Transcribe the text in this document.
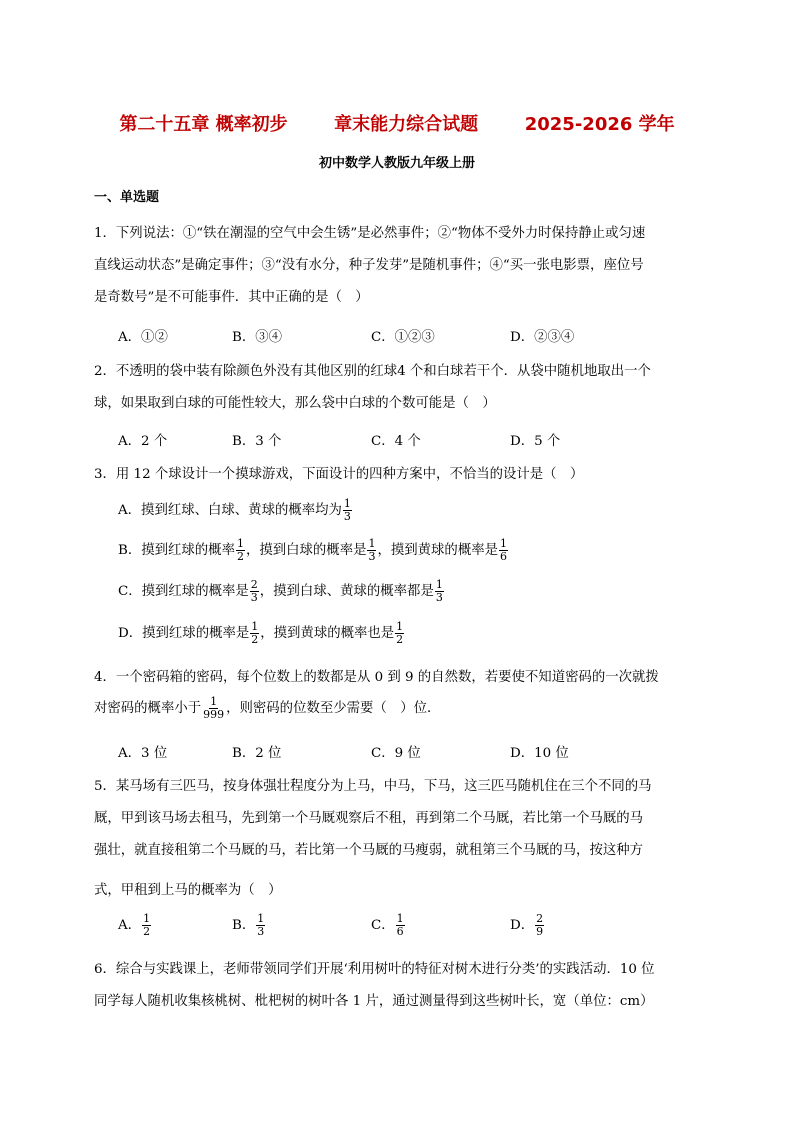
第二十五章 概率初步	章末能力综合试题	2025-2026 学年
初中数学人教版九年级上册
一、单选题
1．下列说法：①“铁在潮湿的空气中会生锈”是必然事件；②“物体不受外力时保持静止或匀速
直线运动状态”是确定事件；③“没有水分，种子发芽”是随机事件；④“买一张电影票，座位号
是奇数号”是不可能事件．其中正确的是（　）
A．①②	B．③④	C．①②③	D．②③④
2．不透明的袋中装有除颜色外没有其他区别的红球4 个和白球若干个．从袋中随机地取出一个
球，如果取到白球的可能性较大，那么袋中白球的个数可能是（　）
A．2 个	B．3 个	C．4 个	D．5 个
3．用 12 个球设计一个摸球游戏，下面设计的四种方案中，不恰当的设计是（　）
A．摸到红球、白球、黄球的概率均为 $\frac{1}{3}$
B．摸到红球的概率 $\frac{1}{2}$ ，摸到白球的概率是 $\frac{1}{3}$ ，摸到黄球的概率是 $\frac{1}{6}$
C．摸到红球的概率是 $\frac{2}{3}$ ，摸到白球、黄球的概率都是 $\frac{1}{3}$
D．摸到红球的概率是 $\frac{1}{2}$ ，摸到黄球的概率也是 $\frac{1}{2}$
4．一个密码箱的密码，每个位数上的数都是从 0 到 9 的自然数，若要使不知道密码的一次就拨
对密码的概率小于 $\frac{1}{999}$ ，则密码的位数至少需要（　）位．
A．3 位	B．2 位	C．9 位	D．10 位
5．某马场有三匹马，按身体强壮程度分为上马，中马，下马，这三匹马随机住在三个不同的马
厩，甲到该马场去租马，先到第一个马厩观察后不租，再到第二个马厩，若比第一个马厩的马
强壮，就直接租第二个马厩的马，若比第一个马厩的马瘦弱，就租第三个马厩的马，按这种方
式，甲租到上马的概率为（　）
A． $\frac{1}{2}$	B． $\frac{1}{3}$	C． $\frac{1}{6}$	D． $\frac{2}{9}$
6．综合与实践课上，老师带领同学们开展‘利用树叶的特征对树木进行分类’的实践活动．10 位
同学每人随机收集核桃树、枇杷树的树叶各 1 片，通过测量得到这些树叶长，宽（单位：cm）
